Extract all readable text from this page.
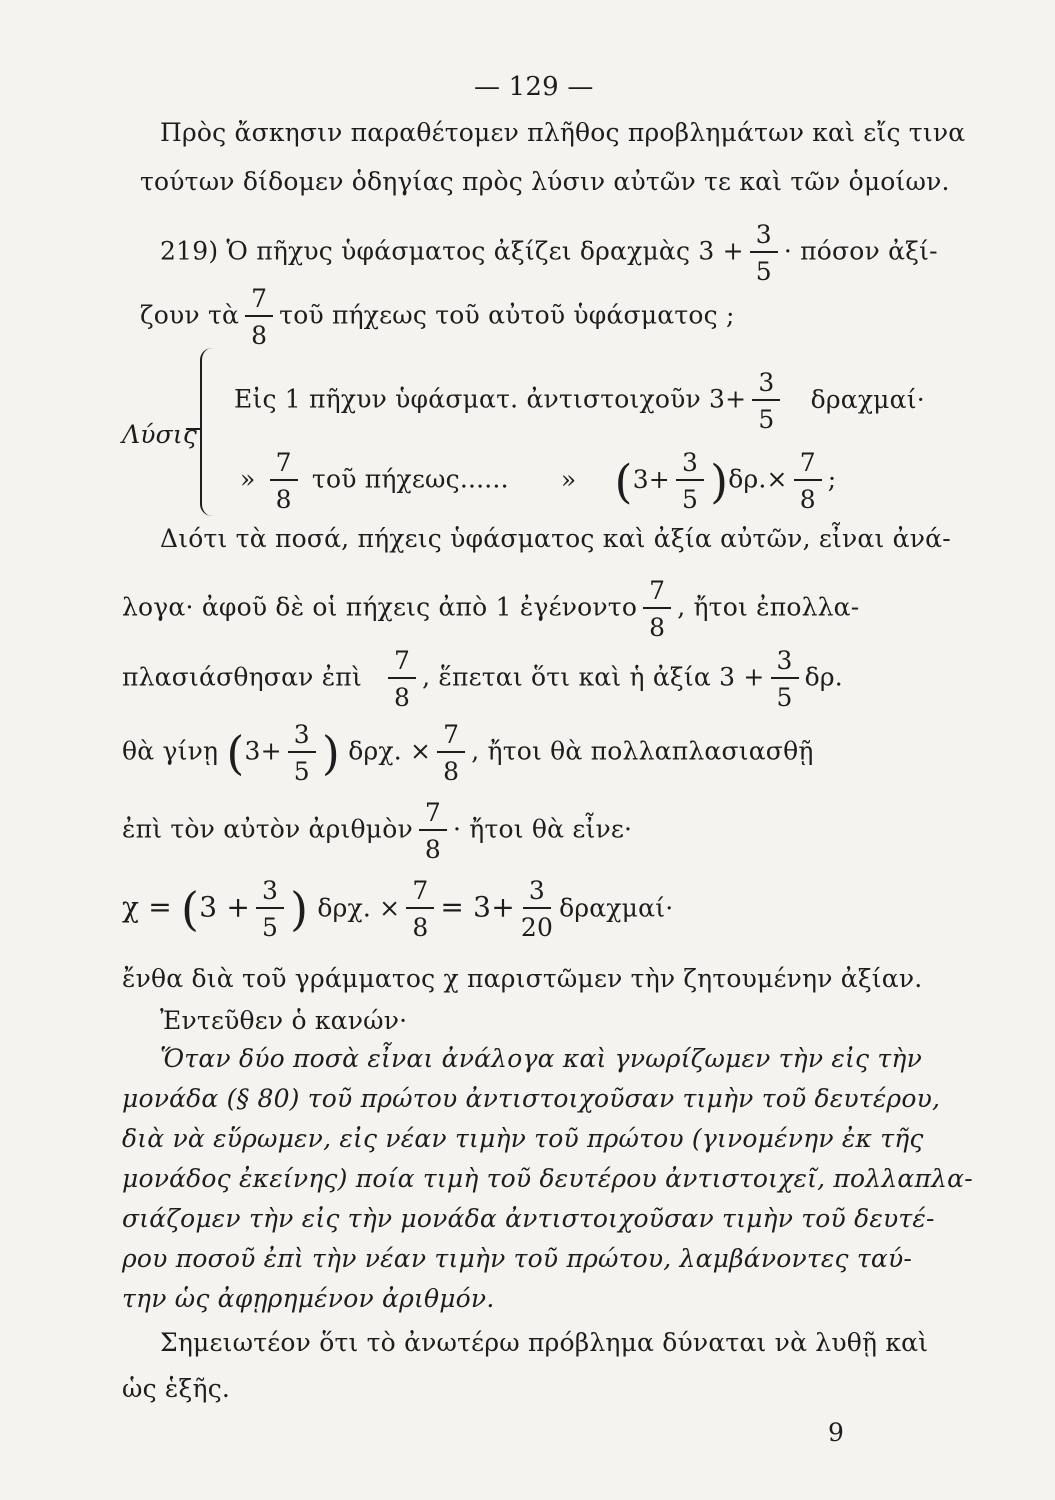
— 129 —
Πρὸς ἄσκησιν παραθέτομεν πλῆθος προβλημάτων καὶ εἴς τινα
τούτων δίδομεν ὁδηγίας πρὸς λύσιν αὐτῶν τε καὶ τῶν ὁμοίων.
219) Ὁ πῆχυς ὑφάσματος ἀξίζει δραχμὰς $3 + \frac{3}{5} \cdot \pi ό\sigma o\nu$ ἀξί-
ζουν τὰ $\frac{7}{8}$ τοῦ πήχεως τοῦ αὐτοῦ ὑφάσματος ;
Λύσις
Εἰς 1 πῆχυν ὑφάσματ. ἀντιστοιχοῦν $3+ \frac{3}{5} \delta\rho\alpha\chi\mu\alpha ί\cdot$
» $\frac{7}{8}$ τοῦ πήχεως...... » $(3+ \frac{3}{5} )\delta\rho.\times \frac{7}{8}$ ;
Διότι τὰ ποσά, πήχεις ὑφάσματος καὶ ἀξία αὐτῶν, εἶναι ἀνά-
λογα· ἀφοῦ δὲ οἱ πήχεις ἀπὸ 1 ἐγένοντο $\frac{7}{8}$ , ἤτοι ἐπολλα-
πλασιάσθησαν ἐπὶ $\frac{7}{8}$ , ἕπεται ὅτι καὶ ἡ ἀξία $3 + \frac{3}{5} \delta\rho$.
θὰ γίνῃ ($3+ \frac{3}{5}$ ) δρχ. × $\frac{7}{8}$ , ἤτοι θὰ πολλαπλασιασθῇ
ἐπὶ τὸν αὐτὸν ἀριθμὸν $\frac{7}{8}$ · ἤτοι θὰ εἶνε·
$\chi = (3 + \frac{3}{5}$ ) δρχ. × $\frac{7}{8} = 3+ \frac{3}{20} \delta\rho\alpha\chi\mu\alpha ί\cdot$
ἔνθα διὰ τοῦ γράμματος χ παριστῶμεν τὴν ζητουμένην ἀξίαν.
Ἐντεῦθεν ὁ κανών·
Ὅταν δύο ποσὰ εἶναι ἀνάλογα καὶ γνωρίζωμεν τὴν εἰς τὴν
μονάδα (§ 80) τοῦ πρώτου ἀντιστοιχοῦσαν τιμὴν τοῦ δευτέρου,
διὰ νὰ εὕρωμεν, εἰς νέαν τιμὴν τοῦ πρώτου (γινομένην ἐκ τῆς
μονάδος ἐκείνης) ποία τιμὴ τοῦ δευτέρου ἀντιστοιχεῖ, πολλαπλα-
σιάζομεν τὴν εἰς τὴν μονάδα ἀντιστοιχοῦσαν τιμὴν τοῦ δευτέ-
ρου ποσοῦ ἐπὶ τὴν νέαν τιμὴν τοῦ πρώτου, λαμβάνοντες ταύ-
την ὡς ἀφῃρημένον ἀριθμόν.
Σημειωτέον ὅτι τὸ ἀνωτέρω πρόβλημα δύναται νὰ λυθῇ καὶ
ὡς ἑξῆς.
9
